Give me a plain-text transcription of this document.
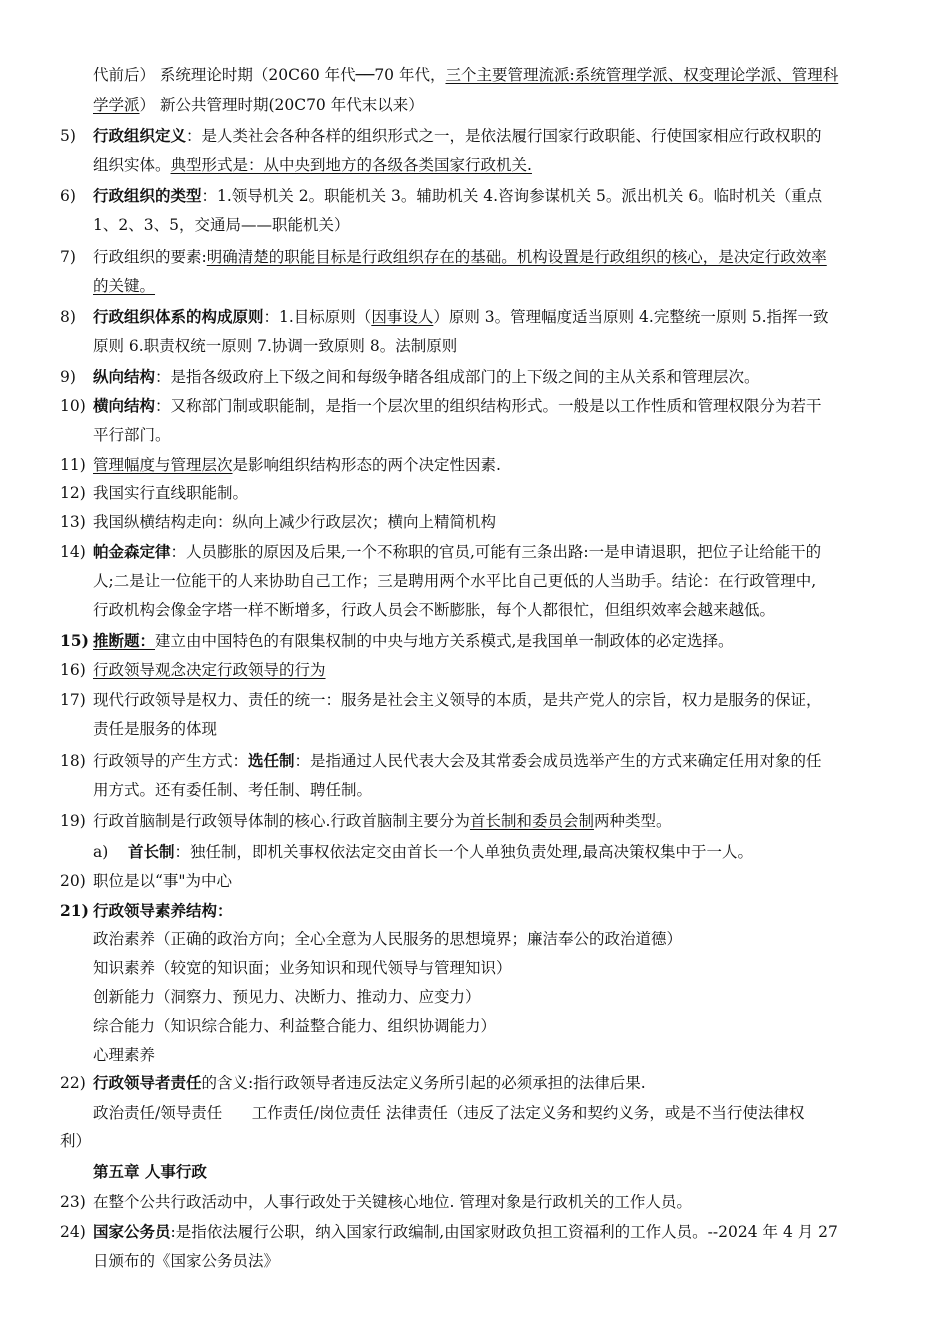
代前后） 系统理论时期（20C60 年代──70 年代，三个主要管理流派:系统管理学派、权变理论学派、管理科
学学派） 新公共管理时期(20C70 年代末以来）
5) 行政组织定义：是人类社会各种各样的组织形式之一，是依法履行国家行政职能、行使国家相应行政权职的
组织实体。典型形式是：从中央到地方的各级各类国家行政机关.
6) 行政组织的类型：1.领导机关 2。职能机关 3。辅助机关 4.咨询参谋机关 5。派出机关 6。临时机关（重点
1、2、3、5，交通局——职能机关）
7) 行政组织的要素:明确清楚的职能目标是行政组织存在的基础。机构设置是行政组织的核心，是决定行政效率
的关键。
8) 行政组织体系的构成原则：1.目标原则（因事设人）原则 3。管理幅度适当原则 4.完整统一原则 5.指挥一致
原则 6.职责权统一原则 7.协调一致原则 8。法制原则
9) 纵向结构：是指各级政府上下级之间和每级争睹各组成部门的上下级之间的主从关系和管理层次。
10) 横向结构：又称部门制或职能制，是指一个层次里的组织结构形式。一般是以工作性质和管理权限分为若干
平行部门。
11) 管理幅度与管理层次是影响组织结构形态的两个决定性因素.
12) 我国实行直线职能制。
13) 我国纵横结构走向：纵向上减少行政层次；横向上精简机构
14) 帕金森定律：人员膨胀的原因及后果,一个不称职的官员,可能有三条出路:一是申请退职，把位子让给能干的
人;二是让一位能干的人来协助自己工作；三是聘用两个水平比自己更低的人当助手。结论：在行政管理中,
行政机构会像金字塔一样不断增多，行政人员会不断膨胀，每个人都很忙，但组织效率会越来越低。
15) 推断题：建立由中国特色的有限集权制的中央与地方关系模式,是我国单一制政体的必定选择。
16) 行政领导观念决定行政领导的行为
17) 现代行政领导是权力、责任的统一：服务是社会主义领导的本质，是共产党人的宗旨，权力是服务的保证，
责任是服务的体现
18) 行政领导的产生方式：选任制：是指通过人民代表大会及其常委会成员选举产生的方式来确定任用对象的任
用方式。还有委任制、考任制、聘任制。
19) 行政首脑制是行政领导体制的核心.行政首脑制主要分为首长制和委员会制两种类型。
a)    首长制：独任制，即机关事权依法定交由首长一个人单独负责处理,最高决策权集中于一人。
20) 职位是以“事"为中心
21) 行政领导素养结构：
政治素养（正确的政治方向；全心全意为人民服务的思想境界；廉洁奉公的政治道德）
知识素养（较宽的知识面；业务知识和现代领导与管理知识）
创新能力（洞察力、预见力、决断力、推动力、应变力）
综合能力（知识综合能力、利益整合能力、组织协调能力）
心理素养
22) 行政领导者责任的含义:指行政领导者违反法定义务所引起的必须承担的法律后果.
政治责任/领导责任      工作责任/岗位责任 法律责任（违反了法定义务和契约义务，或是不当行使法律权
利）
第五章 人事行政
23) 在整个公共行政活动中，人事行政处于关键核心地位. 管理对象是行政机关的工作人员。
24) 国家公务员:是指依法履行公职，纳入国家行政编制,由国家财政负担工资福利的工作人员。--2024 年 4 月 27
日颁布的《国家公务员法》
